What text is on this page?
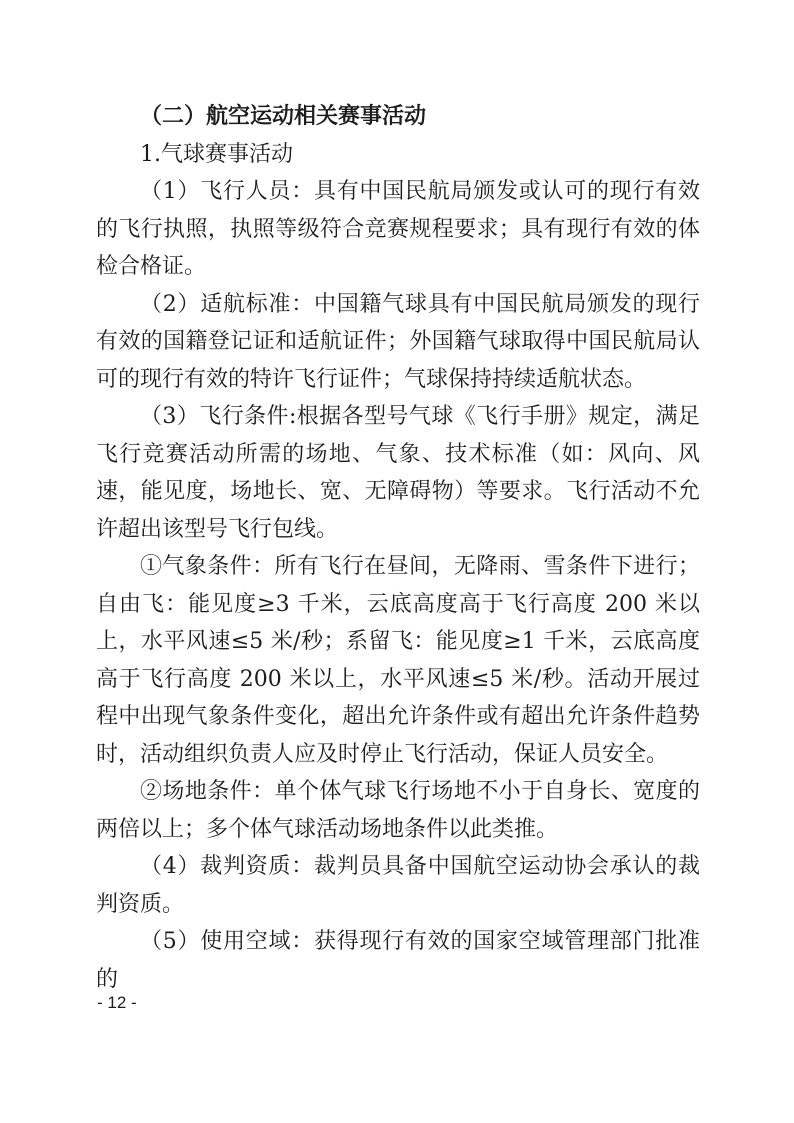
（二）航空运动相关赛事活动

1.气球赛事活动

（1）飞行人员：具有中国民航局颁发或认可的现行有效的飞行执照，执照等级符合竞赛规程要求；具有现行有效的体检合格证。

（2）适航标准：中国籍气球具有中国民航局颁发的现行有效的国籍登记证和适航证件；外国籍气球取得中国民航局认可的现行有效的特许飞行证件；气球保持持续适航状态。

（3）飞行条件:根据各型号气球《飞行手册》规定，满足飞行竞赛活动所需的场地、气象、技术标准（如：风向、风速，能见度，场地长、宽、无障碍物）等要求。飞行活动不允许超出该型号飞行包线。

①气象条件：所有飞行在昼间，无降雨、雪条件下进行；自由飞：能见度≥3 千米，云底高度高于飞行高度 200 米以上，水平风速≤5 米/秒；系留飞：能见度≥1 千米，云底高度高于飞行高度 200 米以上，水平风速≤5 米/秒。活动开展过程中出现气象条件变化，超出允许条件或有超出允许条件趋势时，活动组织负责人应及时停止飞行活动，保证人员安全。

②场地条件：单个体气球飞行场地不小于自身长、宽度的两倍以上；多个体气球活动场地条件以此类推。

（4）裁判资质：裁判员具备中国航空运动协会承认的裁判资质。

（5）使用空域：获得现行有效的国家空域管理部门批准的

- 12 -
